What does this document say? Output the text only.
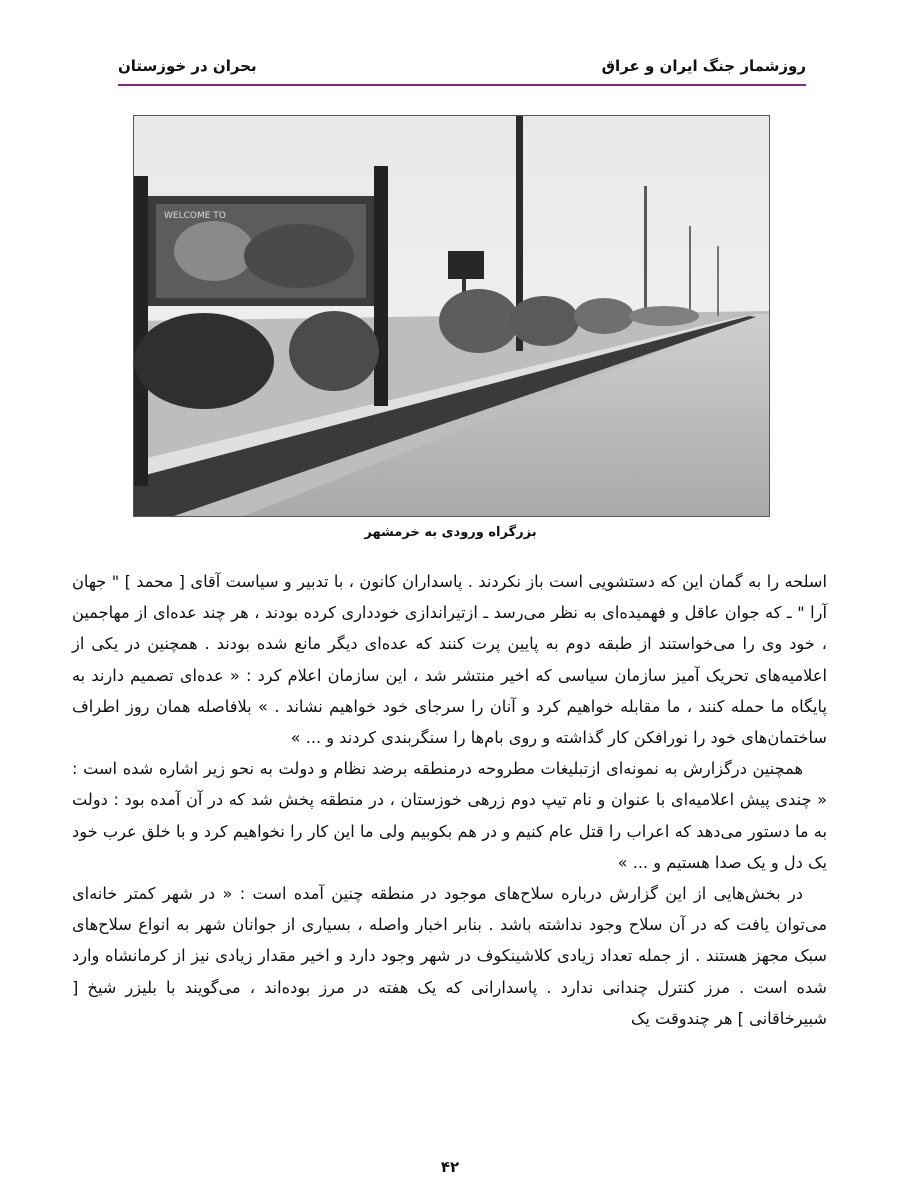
روزشمار جنگ ایران و عراق
بحران در خوزستان
WELCOME TO
بزرگراه ورودی به خرمشهر

اسلحه را به گمان این که دستشویی است باز نکردند . پاسداران کانون ، با تدبیر و سیاست آقای [ محمد ] " جهان آرا " ـ که جوان عاقل و فهمیده‌ای به نظر می‌رسد ـ ازتیراندازی خودداری کرده بودند ، هر چند عده‌ای از مهاجمین ، خود وی را می‌خواستند از طبقه دوم به پایین پرت کنند که عده‌ای دیگر مانع شده بودند . همچنین در یکی از اعلامیه‌های تحریک آمیز سازمان سیاسی که اخیر منتشر شد ، این سازمان اعلام کرد : « عده‌ای تصمیم دارند به پایگاه ما حمله کنند ، ما مقابله خواهیم کرد و آنان را سرجای خود خواهیم نشاند . » بلافاصله همان روز اطراف ساختمان‌های خود را نورافکن کار گذاشته و روی بام‌ها را سنگربندی کردند و ... »

همچنین درگزارش به نمونه‌ای ازتبلیغات مطروحه درمنطقه برضد نظام و دولت به نحو زیر اشاره شده است : « چندی پیش اعلامیه‌ای با عنوان و نام تیپ دوم زرهی خوزستان ، در منطقه پخش شد که در آن آمده بود : دولت به ما دستور می‌دهد که اعراب را قتل عام کنیم و در هم بکوبیم ولی ما این کار را نخواهیم کرد و با خلق عرب خود یک دل و یک صدا هستیم و ... »

در بخش‌هایی از این گزارش درباره سلاح‌های موجود در منطقه چنین آمده است : « در شهر کمتر خانه‌ای می‌توان یافت که در آن سلاح وجود نداشته باشد . بنابر اخبار واصله ، بسیاری از جوانان شهر به انواع سلاح‌های سبک مجهز هستند . از جمله تعداد زیادی کلاشینکوف در شهر وجود دارد و اخیر مقدار زیادی نیز از کرمانشاه وارد شده است . مرز کنترل چندانی ندارد . پاسدارانی که یک هفته در مرز بوده‌اند ، می‌گویند با بلیزر شیخ [ شبیرخاقانی ] هر چندوقت یک

۴۲
